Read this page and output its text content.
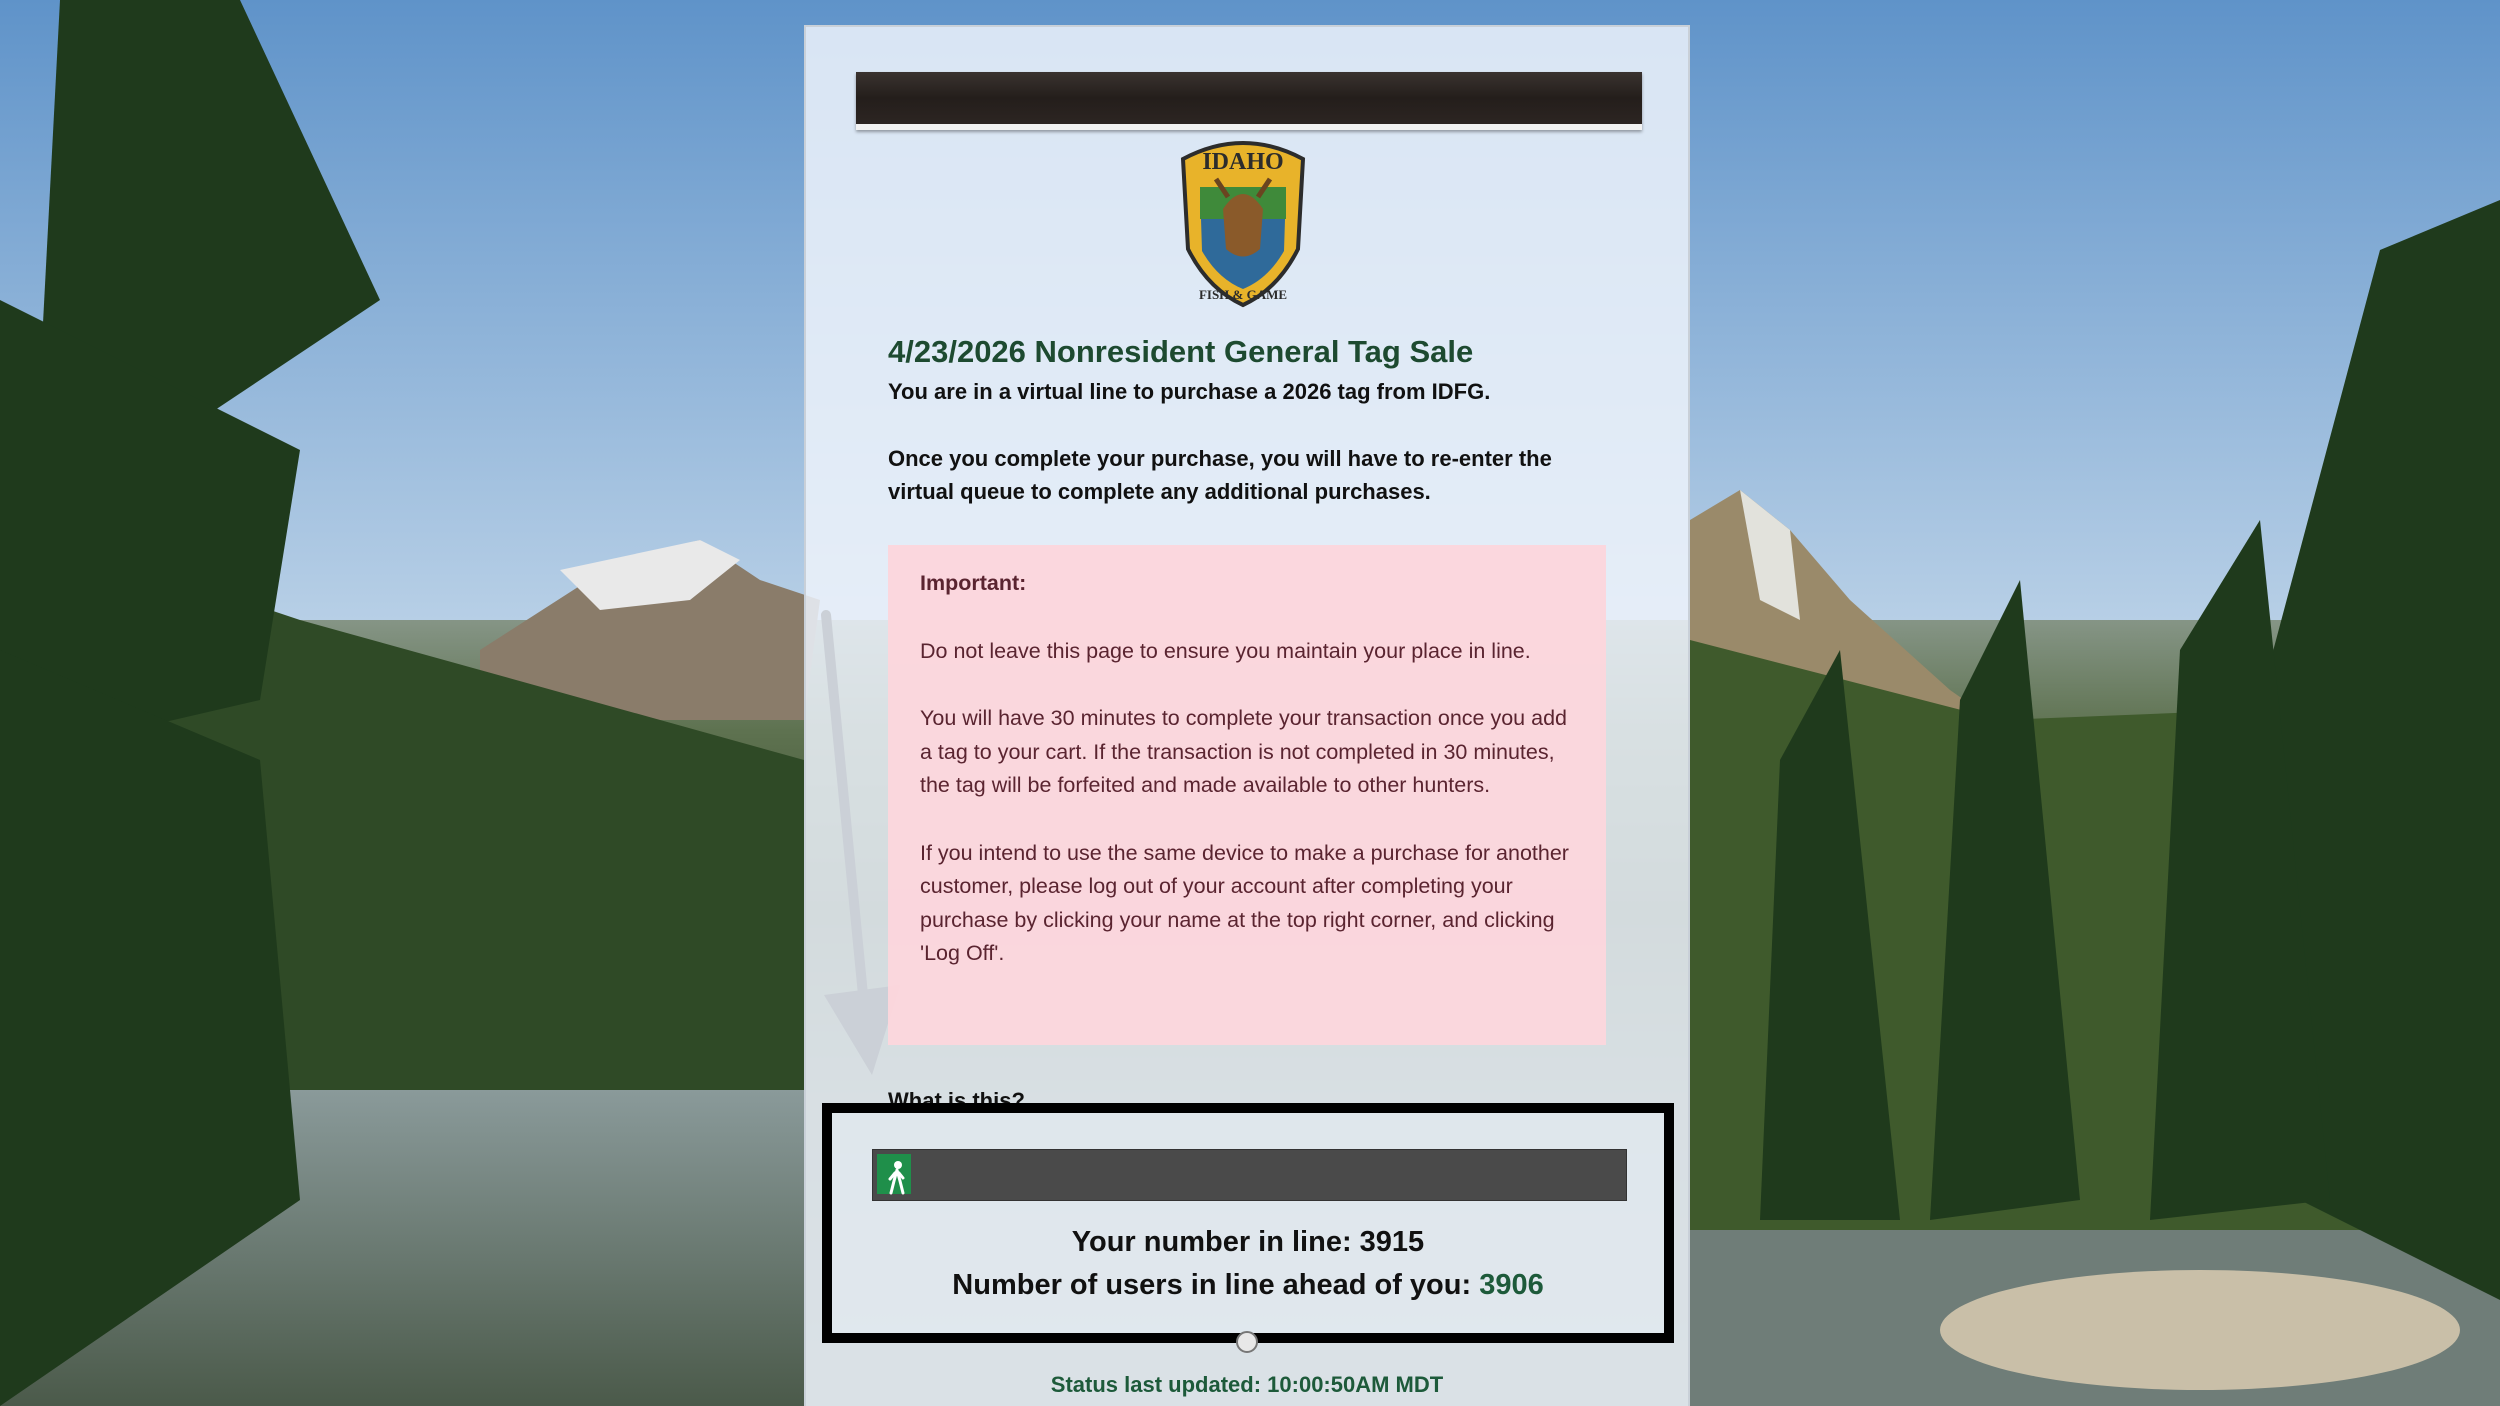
IDAHO
FISH & GAME
4/23/2026 Nonresident General Tag Sale

You are in a virtual line to purchase a 2026 tag from IDFG.

Once you complete your purchase, you will have to re-enter the virtual queue to complete any additional purchases.

Important:

Do not leave this page to ensure you maintain your place in line.

You will have 30 minutes to complete your transaction once you add a tag to your cart. If the transaction is not completed in 30 minutes, the tag will be forfeited and made available to other hunters.

If you intend to use the same device to make a purchase for another customer, please log out of your account after completing your purchase by clicking your name at the top right corner, and clicking 'Log Off'.

What is this?
Your number in line: 3915
Number of users in line ahead of you: 3906
Status last updated: 10:00:50AM MDT
